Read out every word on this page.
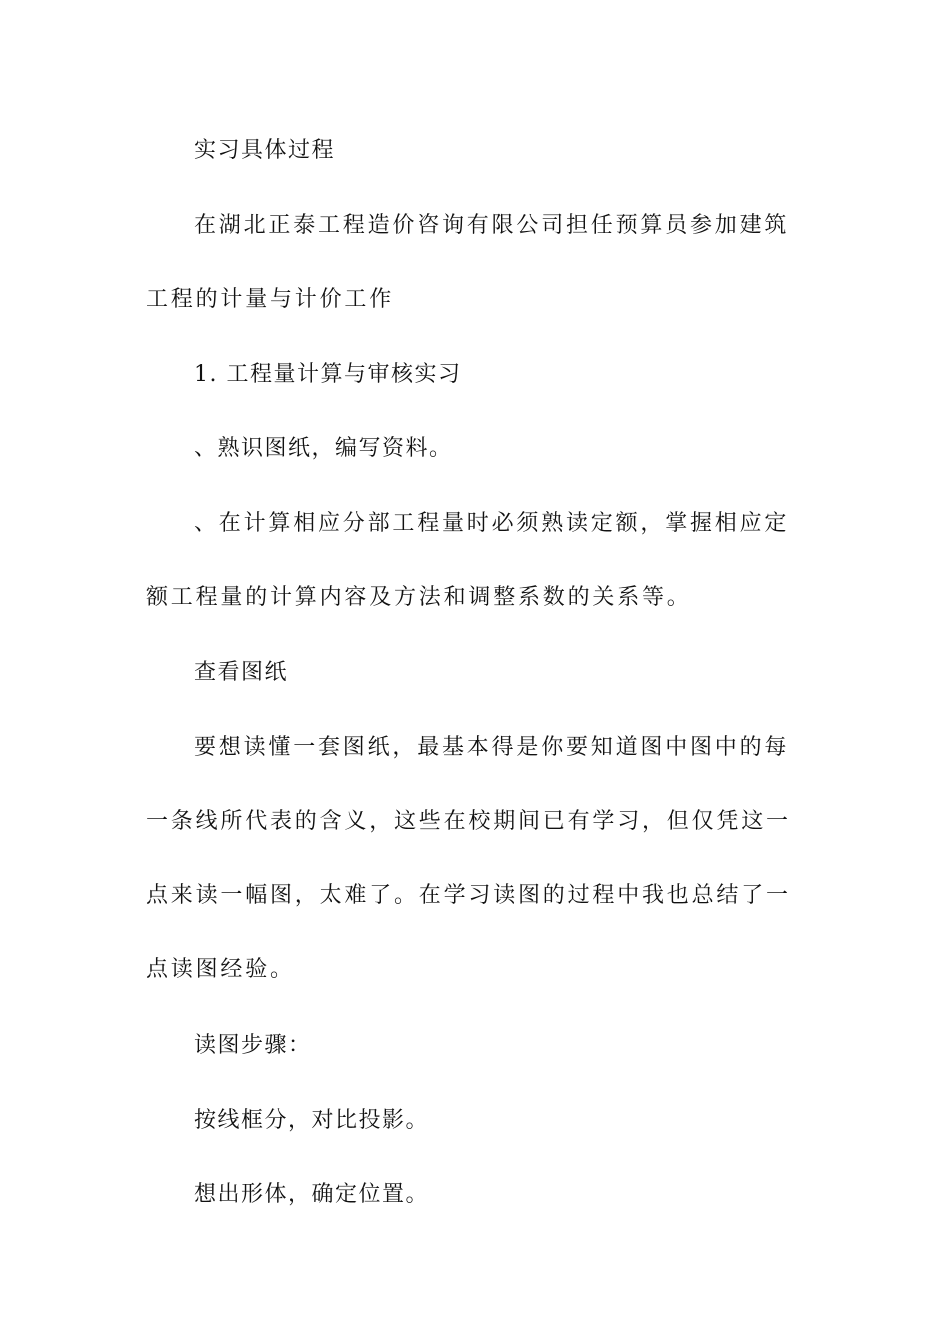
实习具体过程

在湖北正泰工程造价咨询有限公司担任预算员参加建筑工程的计量与计价工作

1. 工程量计算与审核实习

、熟识图纸，编写资料。

、在计算相应分部工程量时必须熟读定额，掌握相应定额工程量的计算内容及方法和调整系数的关系等。

查看图纸

要想读懂一套图纸，最基本得是你要知道图中图中的每一条线所代表的含义，这些在校期间已有学习，但仅凭这一点来读一幅图，太难了。在学习读图的过程中我也总结了一点读图经验。

读图步骤：

按线框分，对比投影。

想出形体，确定位置。
